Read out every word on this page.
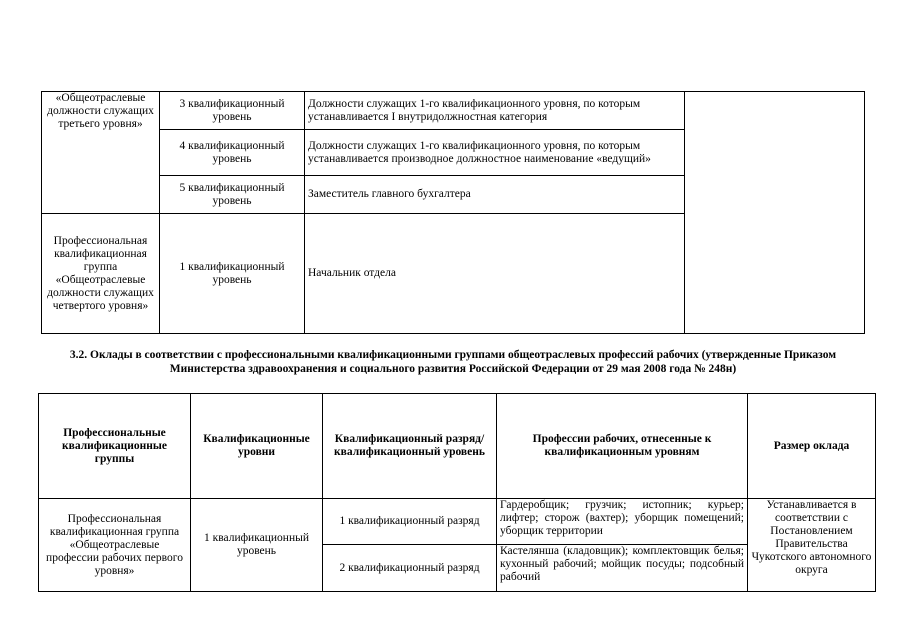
«Общеотраслевые должности служащих третьего уровня»	3 квалификационный уровень	Должности служащих 1-го квалификационного уровня, по которым устанавливается I внутридолжностная категория	
	4 квалификационный уровень	Должности служащих 1-го квалификационного уровня, по которым устанавливается производное должностное наименование «ведущий»	
	5 квалификационный уровень	Заместитель главного бухгалтера	
Профессиональная квалификационная группа «Общеотраслевые должности служащих четвертого уровня»	1 квалификационный уровень	Начальник отдела	
3.2. Оклады в соответствии с профессиональными квалификационными группами общеотраслевых профессий рабочих (утвержденные Приказом Министерства здравоохранения и социального развития Российской Федерации от 29 мая 2008 года № 248н)
Профессиональные квалификационные группы	Квалификационные уровни	Квалификационный разряд/квалификационный уровень	Профессии рабочих, отнесенные к квалификационным уровням	Размер оклада
Профессиональная квалификационная группа «Общеотраслевые профессии рабочих первого уровня»	1 квалификационный уровень	1 квалификационный разряд	Гардеробщик; грузчик; истопник; курьер; лифтер; сторож (вахтер); уборщик помещений; уборщик территории	Устанавливается в соответствии с Постановлением Правительства Чукотского автономного округа
		2 квалификационный разряд	Кастелянша (кладовщик); комплектовщик белья; кухонный рабочий; мойщик посуды; подсобный рабочий	
